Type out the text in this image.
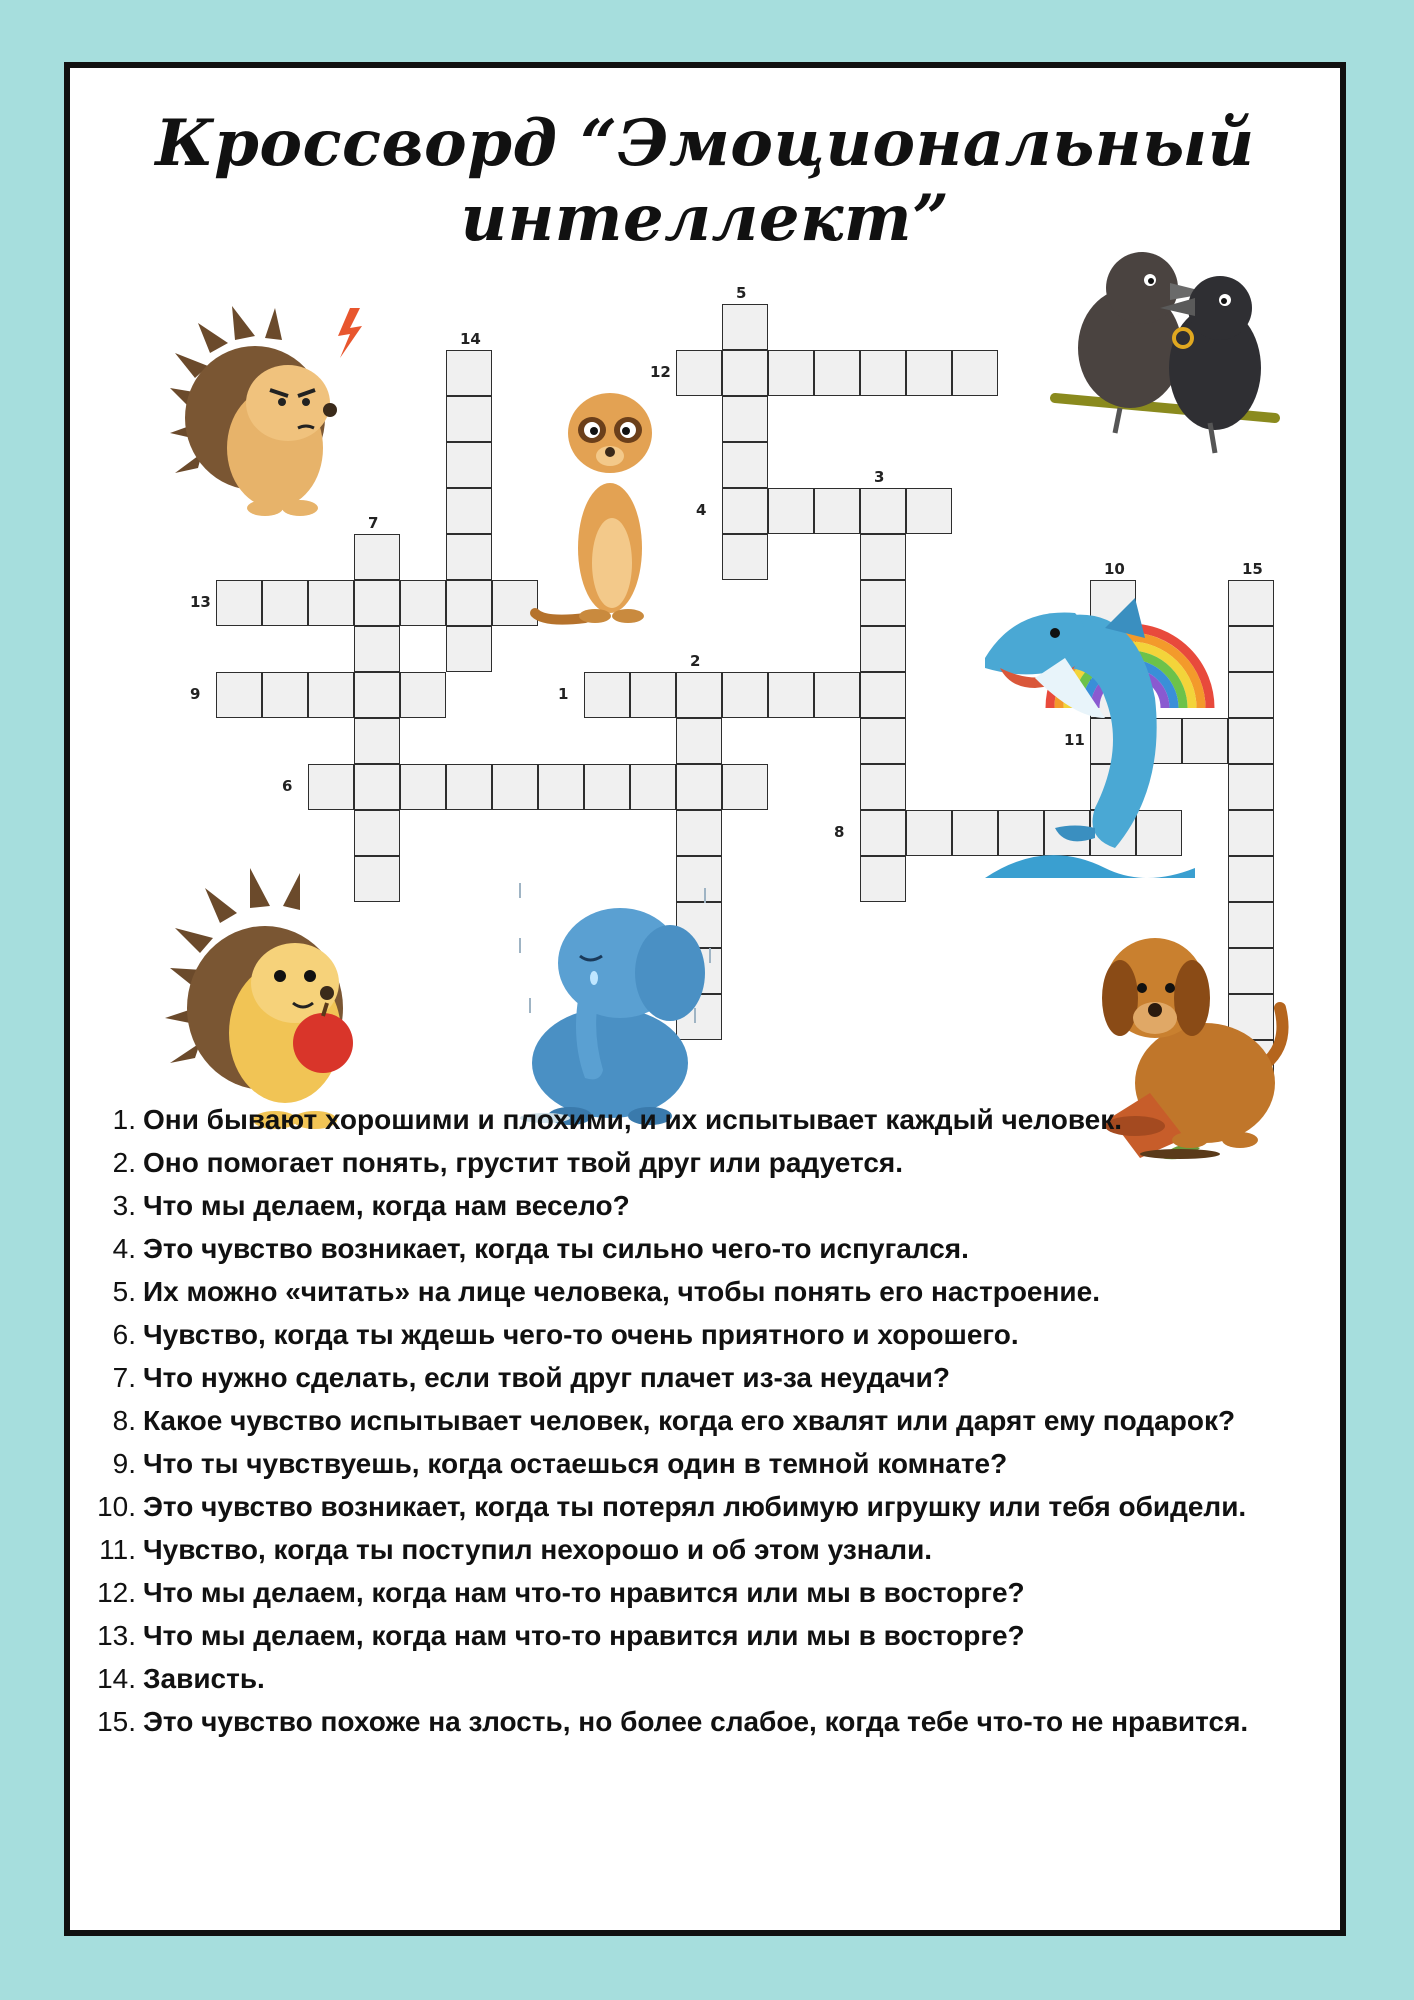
Кроссворд “Эмоциональный интеллект”
1
2
3
4
5
6
7
8
9
10
11
12
13
14
15
1. Они бывают хорошими и плохими, и их испытывает каждый человек.
2. Оно помогает понять, грустит твой друг или радуется.
3. Что мы делаем, когда нам весело?
4. Это чувство возникает, когда ты сильно чего-то испугался.
5. Их можно «читать» на лице человека, чтобы понять его настроение.
6. Чувство, когда ты ждешь чего-то очень приятного и хорошего.
7. Что нужно сделать, если твой друг плачет из-за неудачи?
8. Какое чувство испытывает человек, когда его хвалят или дарят ему подарок?
9. Что ты чувствуешь, когда остаешься один в темной комнате?
10. Это чувство возникает, когда ты потерял любимую игрушку или тебя обидели.
11. Чувство, когда ты поступил нехорошо и об этом узнали.
12. Что мы делаем, когда нам что-то нравится или мы в восторге?
13. Что мы делаем, когда нам что-то нравится или мы в восторге?
14. Зависть.
15. Это чувство похоже на злость, но более слабое, когда тебе что-то не нравится.
